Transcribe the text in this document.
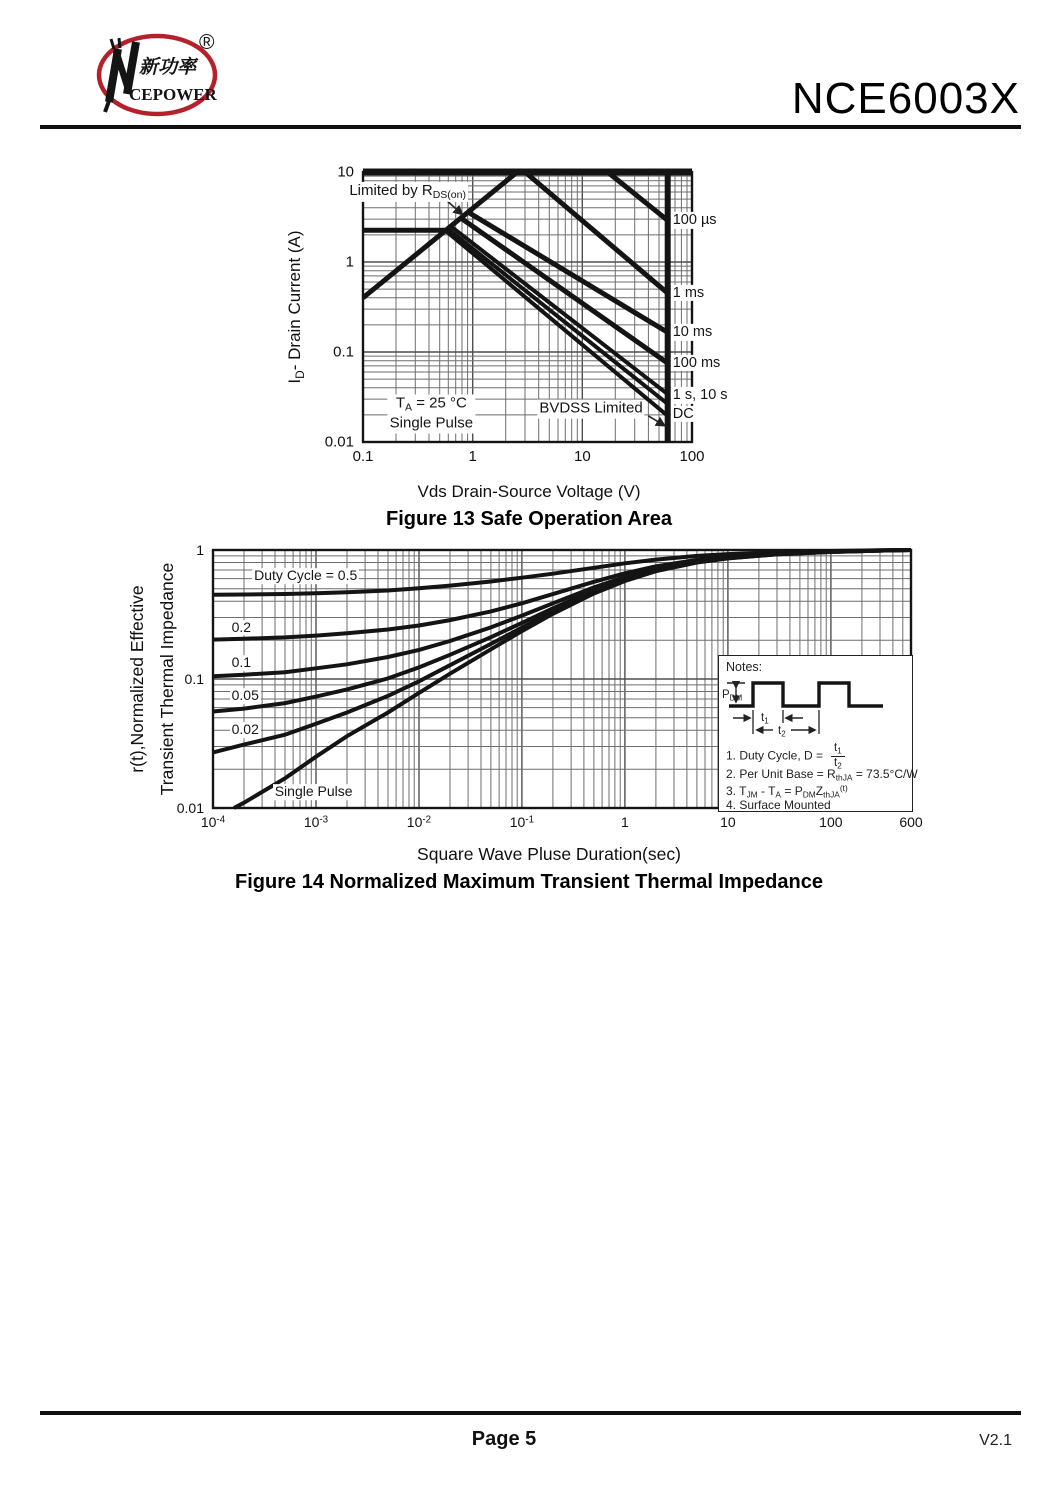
新功率
CEPOWER
®
NCE6003X
$I_D-$ Drain Current (A)
Vds Drain-Source Voltage (V)
Figure 13 Safe Operation Area
r(t),Normalized Effective Transient Thermal Impedance
Square Wave Pluse Duration(sec)
Figure 14 Normalized Maximum Transient Thermal Impedance
Notes:
$P_{DM}$
$t_1$
$t_2$
1. Duty Cycle, $D = \frac{t_1}{t_2}$
2. Per Unit Base = $R_{thJA} = 73.5^\circ C/W$
3. $T_{JM} - T_A = P_{DM}Z_{thJA}^{(t)}$
4. Surface Mounted
Page 5	V2.1
0.1	1	10	100
10
1
0.1
0.01
100 µs
1 ms
10 ms
100 ms
1 s, 10 s
DC
Limited by $R_{DS(on)}$
$T_A = 25$ °C
Single Pulse
BVDSS Limited
$10^{-4}$	$10^{-3}$	$10^{-2}$	$10^{-1}$	1	10	100	600
1
0.1
0.01
Duty Cycle = 0.5
0.2
0.1
0.05
0.02
Single Pulse
